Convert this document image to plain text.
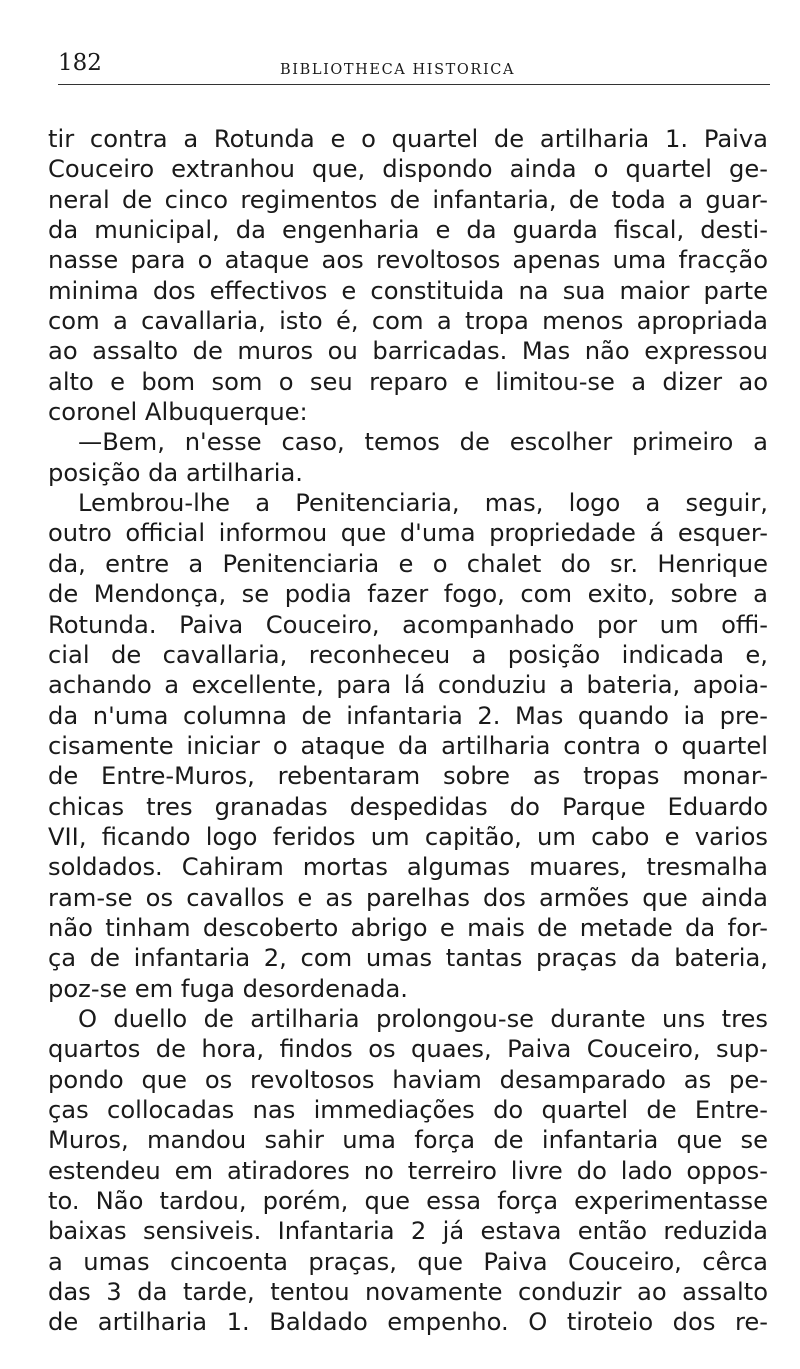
182	BIBLIOTHECA HISTORICA
tir contra a Rotunda e o quartel de artilharia 1. Paiva
Couceiro extranhou que, dispondo ainda o quartel ge-
neral de cinco regimentos de infantaria, de toda a guar-
da municipal, da engenharia e da guarda fiscal, desti-
nasse para o ataque aos revoltosos apenas uma fracção
minima dos effectivos e constituida na sua maior parte
com a cavallaria, isto é, com a tropa menos apropriada
ao assalto de muros ou barricadas. Mas não expressou
alto e bom som o seu reparo e limitou-se a dizer ao
coronel Albuquerque:
—Bem, n'esse caso, temos de escolher primeiro a
posição da artilharia.
Lembrou-lhe a Penitenciaria, mas, logo a seguir,
outro official informou que d'uma propriedade á esquer-
da, entre a Penitenciaria e o chalet do sr. Henrique
de Mendonça, se podia fazer fogo, com exito, sobre a
Rotunda. Paiva Couceiro, acompanhado por um offi-
cial de cavallaria, reconheceu a posição indicada e,
achando a excellente, para lá conduziu a bateria, apoia-
da n'uma columna de infantaria 2. Mas quando ia pre-
cisamente iniciar o ataque da artilharia contra o quartel
de Entre-Muros, rebentaram sobre as tropas monar-
chicas tres granadas despedidas do Parque Eduardo
VII, ficando logo feridos um capitão, um cabo e varios
soldados. Cahiram mortas algumas muares, tresmalha
ram-se os cavallos e as parelhas dos armões que ainda
não tinham descoberto abrigo e mais de metade da for-
ça de infantaria 2, com umas tantas praças da bateria,
poz-se em fuga desordenada.
O duello de artilharia prolongou-se durante uns tres
quartos de hora, findos os quaes, Paiva Couceiro, sup-
pondo que os revoltosos haviam desamparado as pe-
ças collocadas nas immediações do quartel de Entre-
Muros, mandou sahir uma força de infantaria que se
estendeu em atiradores no terreiro livre do lado oppos-
to. Não tardou, porém, que essa força experimentasse
baixas sensiveis. Infantaria 2 já estava então reduzida
a umas cincoenta praças, que Paiva Couceiro, cêrca
das 3 da tarde, tentou novamente conduzir ao assalto
de artilharia 1. Baldado empenho. O tiroteio dos re-
